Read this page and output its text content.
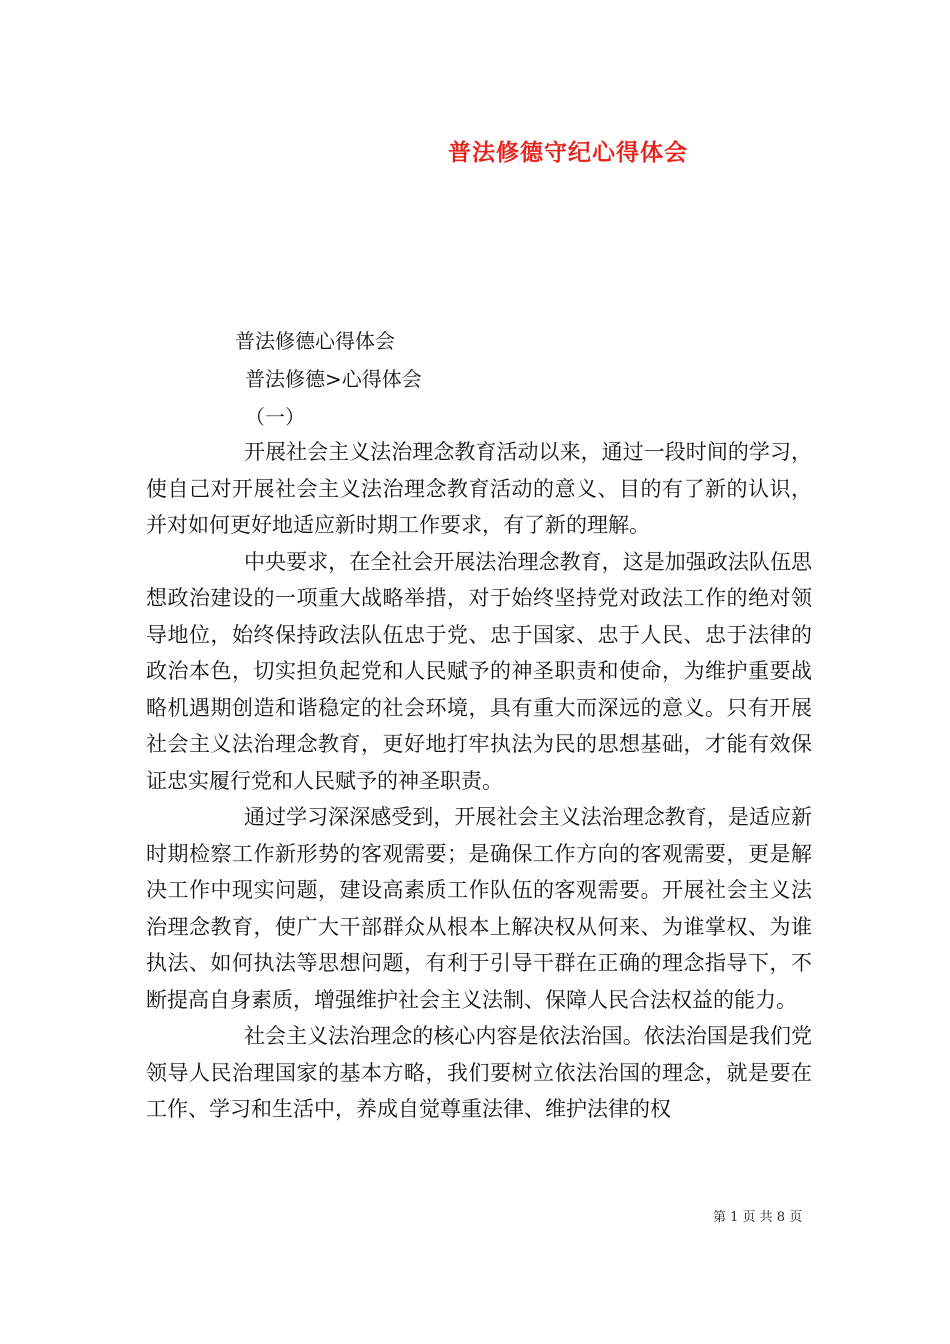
普法修德守纪心得体会
普法修德心得体会
普法修德>心得体会
（一）

开展社会主义法治理念教育活动以来，通过一段时间的学习，使自己对开展社会主义法治理念教育活动的意义、目的有了新的认识，并对如何更好地适应新时期工作要求，有了新的理解。

中央要求，在全社会开展法治理念教育，这是加强政法队伍思想政治建设的一项重大战略举措，对于始终坚持党对政法工作的绝对领导地位，始终保持政法队伍忠于党、忠于国家、忠于人民、忠于法律的政治本色，切实担负起党和人民赋予的神圣职责和使命，为维护重要战略机遇期创造和谐稳定的社会环境，具有重大而深远的意义。只有开展社会主义法治理念教育，更好地打牢执法为民的思想基础，才能有效保证忠实履行党和人民赋予的神圣职责。

通过学习深深感受到，开展社会主义法治理念教育，是适应新时期检察工作新形势的客观需要；是确保工作方向的客观需要，更是解决工作中现实问题，建设高素质工作队伍的客观需要。开展社会主义法治理念教育，使广大干部群众从根本上解决权从何来、为谁掌权、为谁执法、如何执法等思想问题，有利于引导干群在正确的理念指导下，不断提高自身素质，增强维护社会主义法制、保障人民合法权益的能力。

社会主义法治理念的核心内容是依法治国。依法治国是我们党领导人民治理国家的基本方略，我们要树立依法治国的理念，就是要在工作、学习和生活中，养成自觉尊重法律、维护法律的权

第 1 页 共 8 页
